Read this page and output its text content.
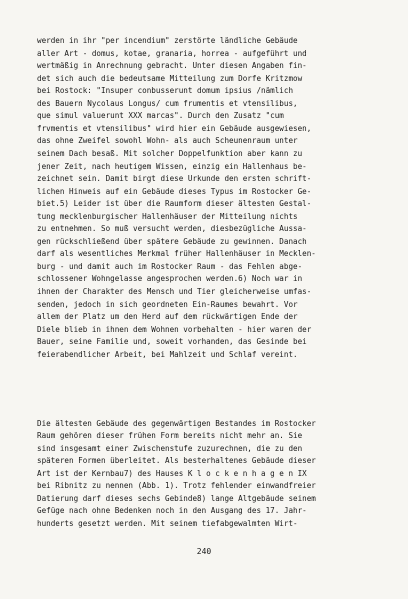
werden in ihr "per incendium" zerstörte ländliche Gebäude
aller Art - domus, kotae, granaria, horrea - aufgeführt und
wertmäßig in Anrechnung gebracht. Unter diesen Angaben fin-
det sich auch die bedeutsame Mitteilung zum Dorfe Kritzmow
bei Rostock: "Insuper conbusserunt domum ipsius /nämlich
des Bauern Nycolaus Longus/ cum frumentis et vtensilibus,
que simul valuerunt XXX marcas". Durch den Zusatz "cum
frvmentis et vtensilibus" wird hier ein Gebäude ausgewiesen,
das ohne Zweifel sowohl Wohn- als auch Scheunenraum unter
seinem Dach besaß. Mit solcher Doppelfunktion aber kann zu
jener Zeit, nach heutigem Wissen, einzig ein Hallenhaus be-
zeichnet sein. Damit birgt diese Urkunde den ersten schrift-
lichen Hinweis auf ein Gebäude dieses Typus im Rostocker Ge-
biet.5) Leider ist über die Raumform dieser ältesten Gestal-
tung mecklenburgischer Hallenhäuser der Mitteilung nichts
zu entnehmen. So muß versucht werden, diesbezügliche Aussa-
gen rückschließend über spätere Gebäude zu gewinnen. Danach
darf als wesentliches Merkmal früher Hallenhäuser in Mecklen-
burg - und damit auch im Rostocker Raum - das Fehlen abge-
schlossener Wohngelasse angesprochen werden.6) Noch war in
ihnen der Charakter des Mensch und Tier gleicherweise umfas-
senden, jedoch in sich geordneten Ein-Raumes bewahrt. Vor
allem der Platz um den Herd auf dem rückwärtigen Ende der
Diele blieb in ihnen dem Wohnen vorbehalten - hier waren der
Bauer, seine Familie und, soweit vorhanden, das Gesinde bei
feierabendlicher Arbeit, bei Mahlzeit und Schlaf vereint.

Die ältesten Gebäude des gegenwärtigen Bestandes im Rostocker
Raum gehören dieser frühen Form bereits nicht mehr an. Sie
sind insgesamt einer Zwischenstufe zuzurechnen, die zu den
späteren Formen überleitet. Als besterhaltenes Gebäude dieser
Art ist der Kernbau7) des Hauses K l o c k e n h a g e n IX
bei Ribnitz zu nennen (Abb. 1). Trotz fehlender einwandfreier
Datierung darf dieses sechs Gebinde8) lange Altgebäude seinem
Gefüge nach ohne Bedenken noch in den Ausgang des 17. Jahr-
hunderts gesetzt werden. Mit seinem tiefabgewalmten Wirt-

240
